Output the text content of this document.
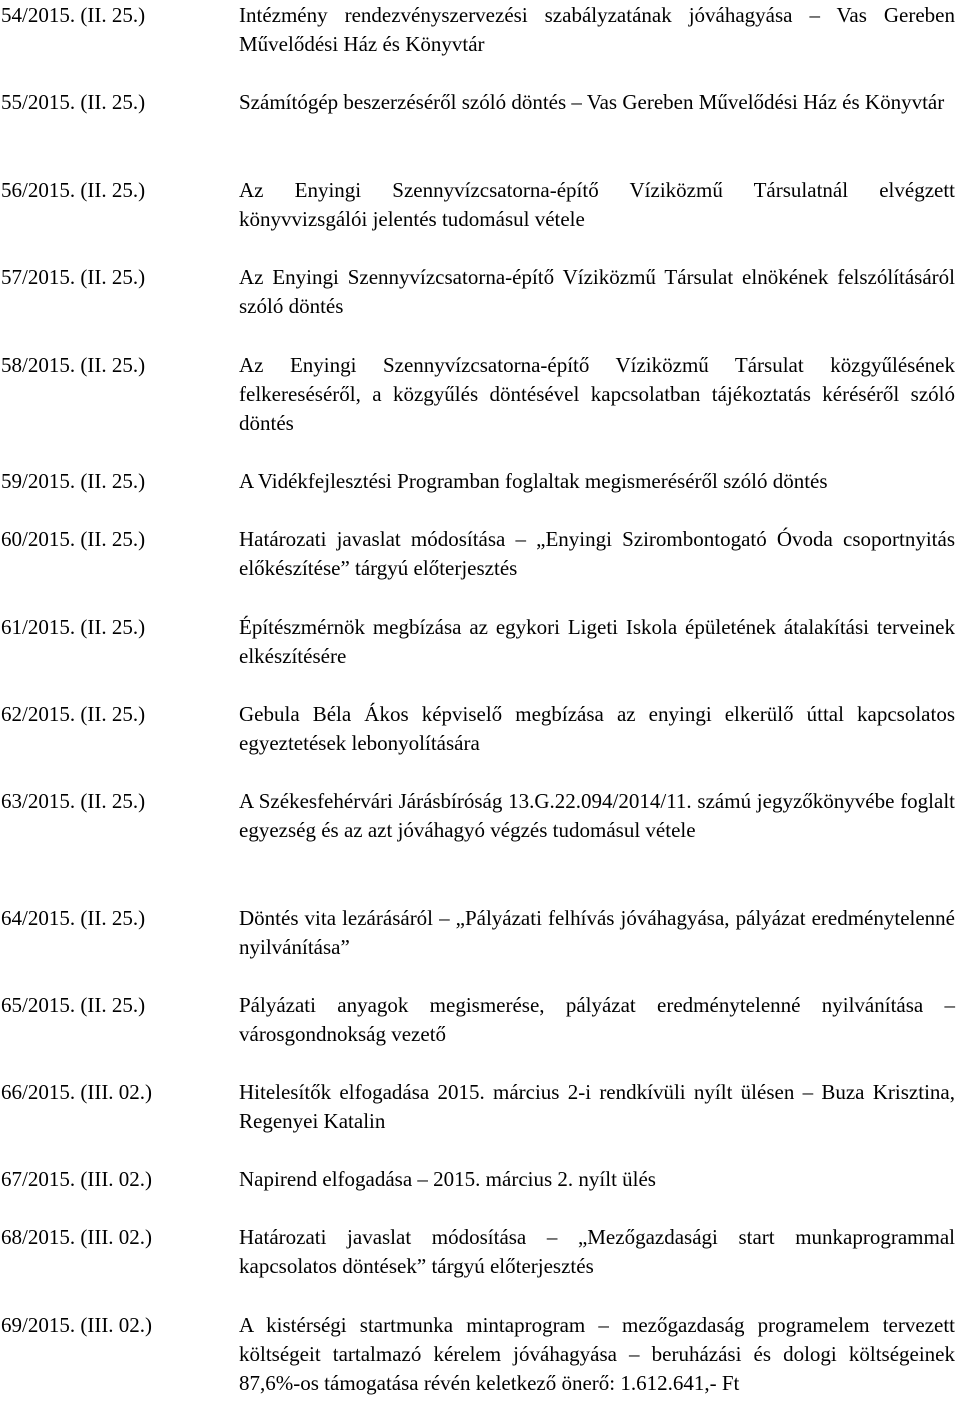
54/2015. (II. 25.)	Intézmény rendezvényszervezési szabályzatának jóváhagyása – Vas Gereben Művelődési Ház és Könyvtár
55/2015. (II. 25.)	Számítógép beszerzéséről szóló döntés – Vas Gereben Művelődési Ház és Könyvtár
56/2015. (II. 25.)	Az Enyingi Szennyvízcsatorna-építő Víziközmű Társulatnál elvégzett könyvvizsgálói jelentés tudomásul vétele
57/2015. (II. 25.)	Az Enyingi Szennyvízcsatorna-építő Víziközmű Társulat elnökének felszólításáról szóló döntés
58/2015. (II. 25.)	Az Enyingi Szennyvízcsatorna-építő Víziközmű Társulat közgyűlésének felkereséséről, a közgyűlés döntésével kapcsolatban tájékoztatás kéréséről szóló döntés
59/2015. (II. 25.)	A Vidékfejlesztési Programban foglaltak megismeréséről szóló döntés
60/2015. (II. 25.)	Határozati javaslat módosítása – „Enyingi Szirombontogató Óvoda csoportnyitás előkészítése” tárgyú előterjesztés
61/2015. (II. 25.)	Építészmérnök megbízása az egykori Ligeti Iskola épületének átalakítási terveinek elkészítésére
62/2015. (II. 25.)	Gebula Béla Ákos képviselő megbízása az enyingi elkerülő úttal kapcsolatos egyeztetések lebonyolítására
63/2015. (II. 25.)	A Székesfehérvári Járásbíróság 13.G.22.094/2014/11. számú jegyzőkönyvébe foglalt egyezség és az azt jóváhagyó végzés tudomásul vétele
64/2015. (II. 25.)	Döntés vita lezárásáról – „Pályázati felhívás jóváhagyása, pályázat eredménytelenné nyilvánítása”
65/2015. (II. 25.)	Pályázati anyagok megismerése, pályázat eredménytelenné nyilvánítása – városgondnokság vezető
66/2015. (III. 02.)	Hitelesítők elfogadása 2015. március 2-i rendkívüli nyílt ülésen – Buza Krisztina, Regenyei Katalin
67/2015. (III. 02.)	Napirend elfogadása – 2015. március 2. nyílt ülés
68/2015. (III. 02.)	Határozati javaslat módosítása – „Mezőgazdasági start munkaprogrammal kapcsolatos döntések” tárgyú előterjesztés
69/2015. (III. 02.)	A kistérségi startmunka mintaprogram – mezőgazdaság programelem tervezett költségeit tartalmazó kérelem jóváhagyása – beruházási és dologi költségeinek 87,6%-os támogatása révén keletkező önerő: 1.612.641,- Ft
